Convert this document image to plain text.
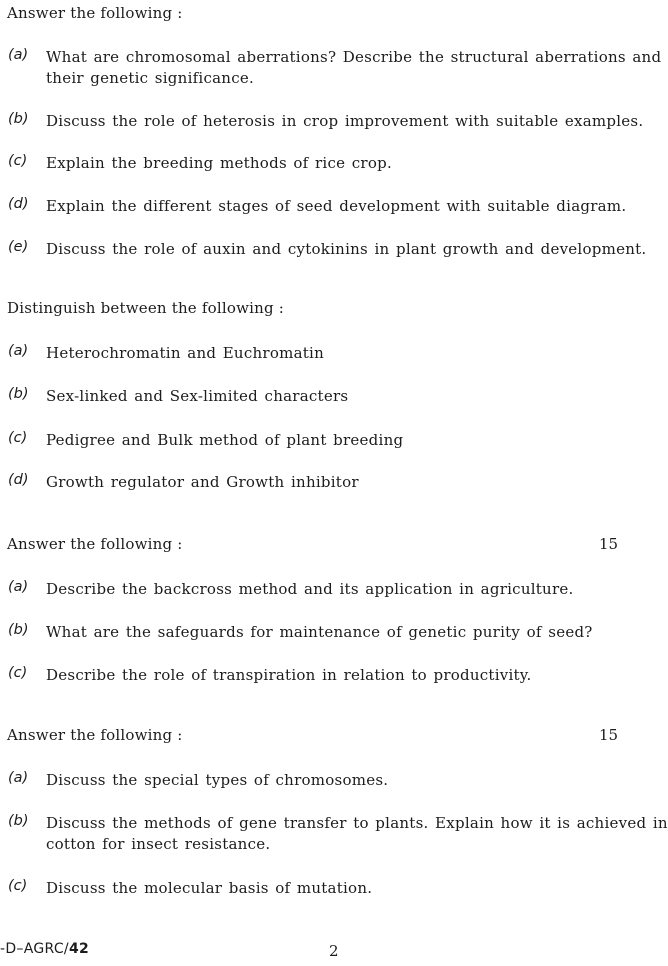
Answer the following :
(a) What are chromosomal aberrations? Describe the structural aberrations and
their genetic significance.
(b) Discuss the role of heterosis in crop improvement with suitable examples.
(c) Explain the breeding methods of rice crop.
(d) Explain the different stages of seed development with suitable diagram.
(e) Discuss the role of auxin and cytokinins in plant growth and development.
Distinguish between the following :
(a) Heterochromatin and Euchromatin
(b) Sex-linked and Sex-limited characters
(c) Pedigree and Bulk method of plant breeding
(d) Growth regulator and Growth inhibitor
Answer the following :	15
(a) Describe the backcross method and its application in agriculture.
(b) What are the safeguards for maintenance of genetic purity of seed?
(c) Describe the role of transpiration in relation to productivity.
Answer the following :	15
(a) Discuss the special types of chromosomes.
(b) Discuss the methods of gene transfer to plants. Explain how it is achieved in
cotton for insect resistance.
(c) Discuss the molecular basis of mutation.
-D–AGRC/42	2
